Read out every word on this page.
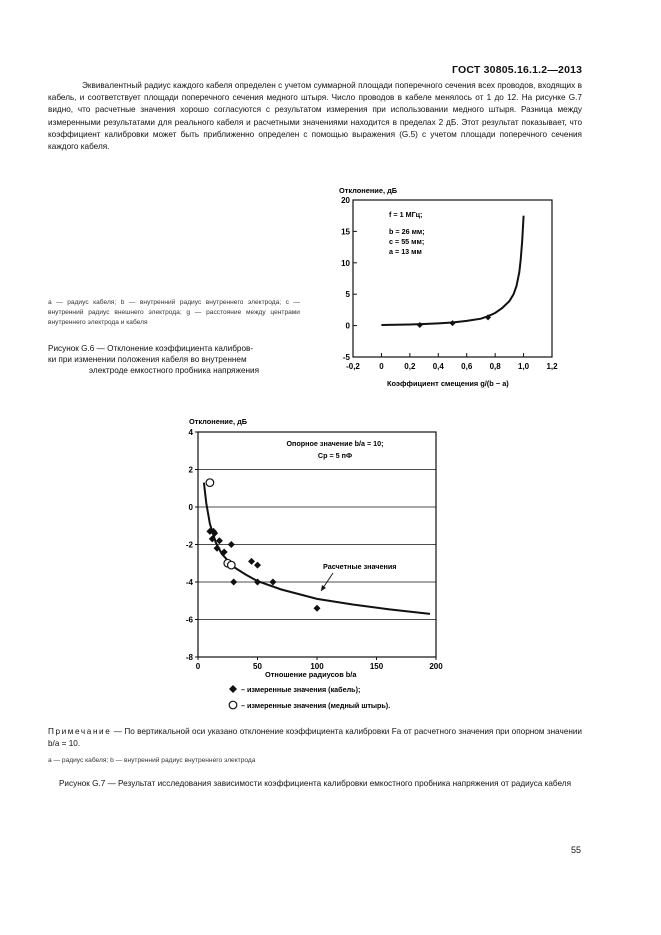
ГОСТ 30805.16.1.2—2013

Эквивалентный радиус каждого кабеля определен с учетом суммарной площади поперечного сечения всех проводов, входящих в кабель, и соответствует площади поперечного сечения медного штыря. Число проводов в кабеле менялось от 1 до 12. На рисунке G.7 видно, что расчетные значения хорошо согласуются с результатом измерения при использовании медного штыря. Разница между измеренными результатами для реального кабеля и расчетными значениями находится в пределах 2 дБ. Этот результат показывает, что коэффициент калибровки может быть приближенно определен с помощью выражения (G.5) с учетом площади поперечного сечения каждого кабеля.

a — радиус кабеля; b — внутренний радиус внутреннего электрода; c — внутренний радиус внешнего электрода; g — расстояние между центрами внутреннего электрода и кабеля
Рисунок G.6 — Отклонение коэффициента калибров-
ки при изменении положения кабеля во внутреннем

электроде емкостного пробника напряжения
Отклонение, дБ
-5
0
5
10
15
20
-0,2 0	0,2 0,4 0,6 0,8 1,0 1,2
f = 1 МГц;
b = 26 мм;
c = 55 мм;
a = 13 мм
Коэффициент смещения g/(b − a)
Отклонение, дБ
4
2
0
-2
-4
-6
-8
0	50	100	150	200
Опорное значение b/a = 10;
Cp = 5 пФ
Расчетные значения
Отношение радиусов b/a
– измеренные значения (кабель);
– измеренные значения (медный штырь).
Примечание — По вертикальной оси указано отклонение коэффициента калибровки Fa от расчетного значения при опорном значении b/a = 10.
a — радиус кабеля; b — внутренний радиус внутреннего электрода
Рисунок G.7 — Результат исследования зависимости коэффициента калибровки емкостного пробника напряжения от радиуса кабеля
55
